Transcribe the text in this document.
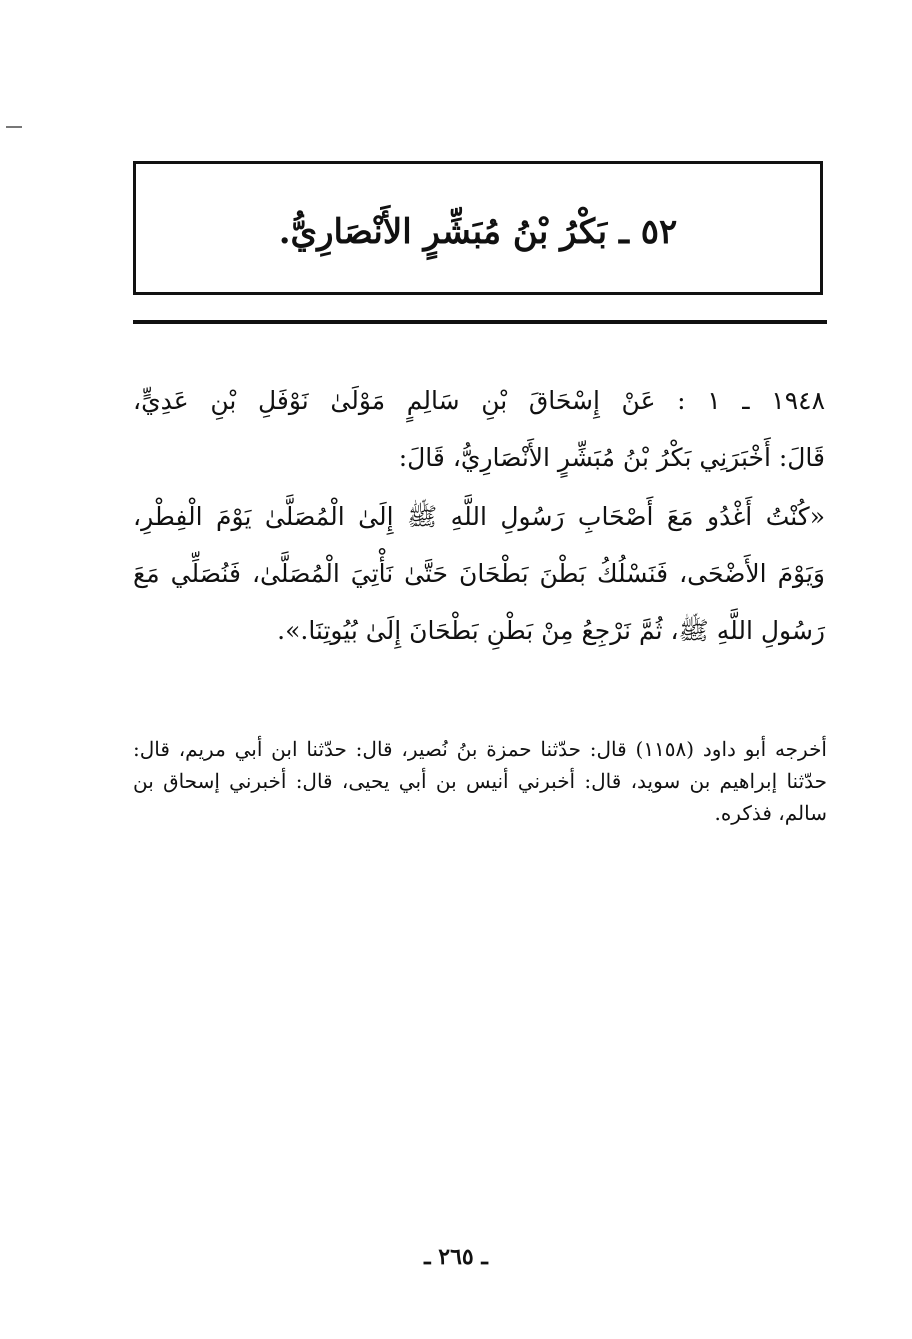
٥٢ ـ بَكْرُ بْنُ مُبَشِّرٍ الأَنْصَارِيُّ.

١٩٤٨ ـ ١ : عَنْ إِسْحَاقَ بْنِ سَالِمٍ مَوْلَىٰ نَوْفَلِ بْنِ عَدِيٍّ،

قَالَ: أَخْبَرَنِي بَكْرُ بْنُ مُبَشِّرٍ الأَنْصَارِيُّ، قَالَ:

«كُنْتُ أَغْدُو مَعَ أَصْحَابِ رَسُولِ اللَّهِ ﷺ إِلَىٰ الْمُصَلَّىٰ يَوْمَ الْفِطْرِ، وَيَوْمَ الأَضْحَى، فَنَسْلُكُ بَطْنَ بَطْحَانَ حَتَّىٰ نَأْتِيَ الْمُصَلَّىٰ، فَنُصَلِّي مَعَ رَسُولِ اللَّهِ ﷺ، ثُمَّ نَرْجِعُ مِنْ بَطْنِ بَطْحَانَ إِلَىٰ بُيُوتِنَا.».

أخرجه أبو داود (١١٥٨) قال: حدّثنا حمزة بنُ نُصير، قال: حدّثنا ابن أبي مريم، قال: حدّثنا إبراهيم بن سويد، قال: أخبرني أنيس بن أبي يحيى، قال: أخبرني إسحاق بن سالم، فذكره.

ـ ٢٦٥ ـ
